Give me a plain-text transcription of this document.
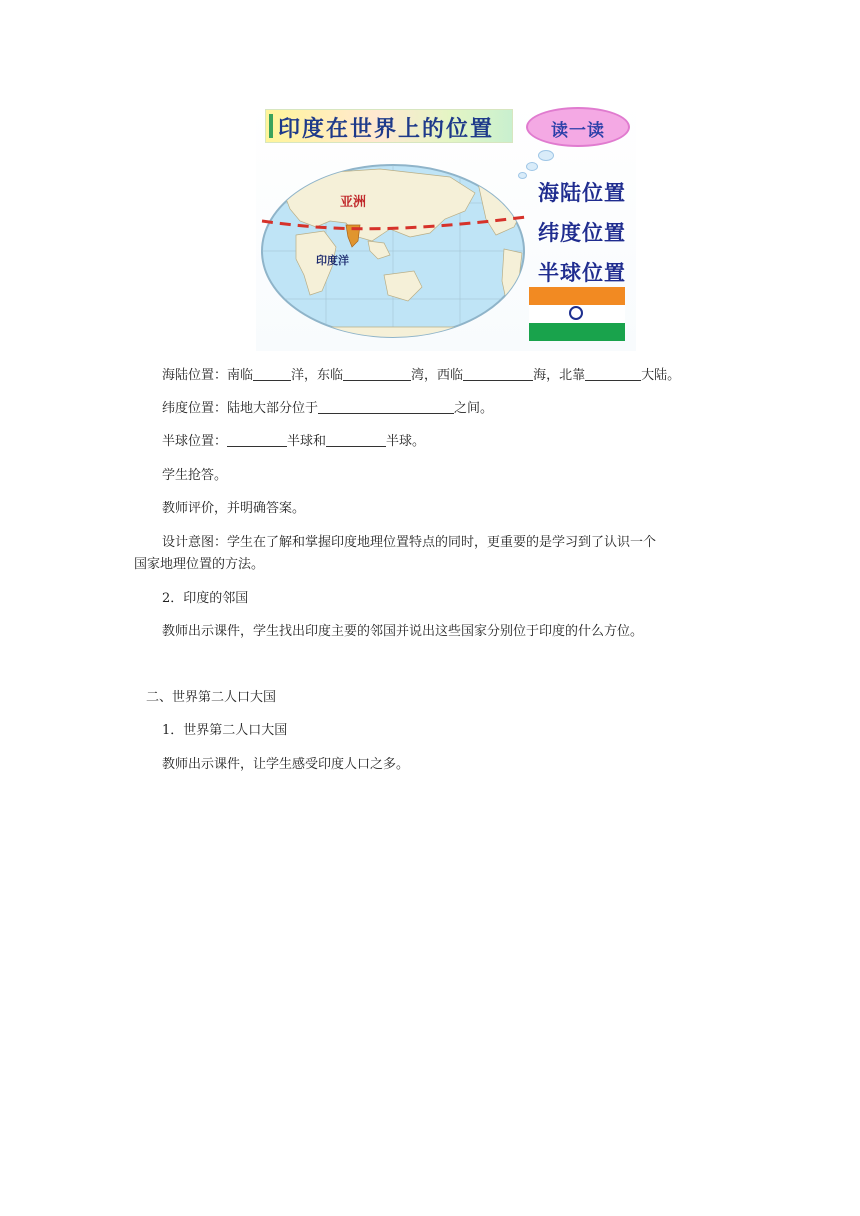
印度在世界上的位置	读一读
亚洲
印度洋
海陆位置
纬度位置
半球位置
海陆位置：南临	洋，东临	湾，西临	海，北靠	大陆。
纬度位置：陆地大部分位于	之间。
半球位置：	半球和	半球。
学生抢答。
教师评价，并明确答案。
设计意图：学生在了解和掌握印度地理位置特点的同时，更重要的是学习到了认识一个
国家地理位置的方法。
2．印度的邻国
教师出示课件，学生找出印度主要的邻国并说出这些国家分别位于印度的什么方位。
二、世界第二人口大国
1．世界第二人口大国
教师出示课件，让学生感受印度人口之多。
